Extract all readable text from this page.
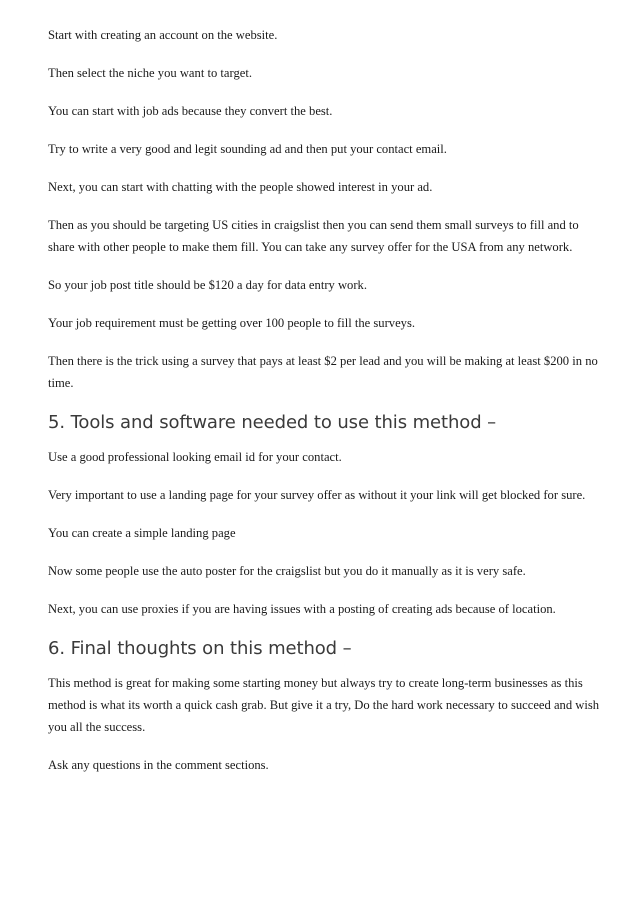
Start with creating an account on the website.

Then select the niche you want to target.

You can start with job ads because they convert the best.

Try to write a very good and legit sounding ad and then put your contact email.

Next, you can start with chatting with the people showed interest in your ad.

Then as you should be targeting US cities in craigslist then you can send them small surveys to fill and to share with other people to make them fill. You can take any survey offer for the USA from any network.

So your job post title should be $120 a day for data entry work.

Your job requirement must be getting over 100 people to fill the surveys.

Then there is the trick using a survey that pays at least $2 per lead and you will be making at least $200 in no time.

5. Tools and software needed to use this method –

Use a good professional looking email id for your contact.

Very important to use a landing page for your survey offer as without it your link will get blocked for sure.

You can create a simple landing page

Now some people use the auto poster for the craigslist but you do it manually as it is very safe.

Next, you can use proxies if you are having issues with a posting of creating ads because of location.

6. Final thoughts on this method –

This method is great for making some starting money but always try to create long-term businesses as this method is what its worth a quick cash grab. But give it a try, Do the hard work necessary to succeed and wish you all the success.

Ask any questions in the comment sections.
